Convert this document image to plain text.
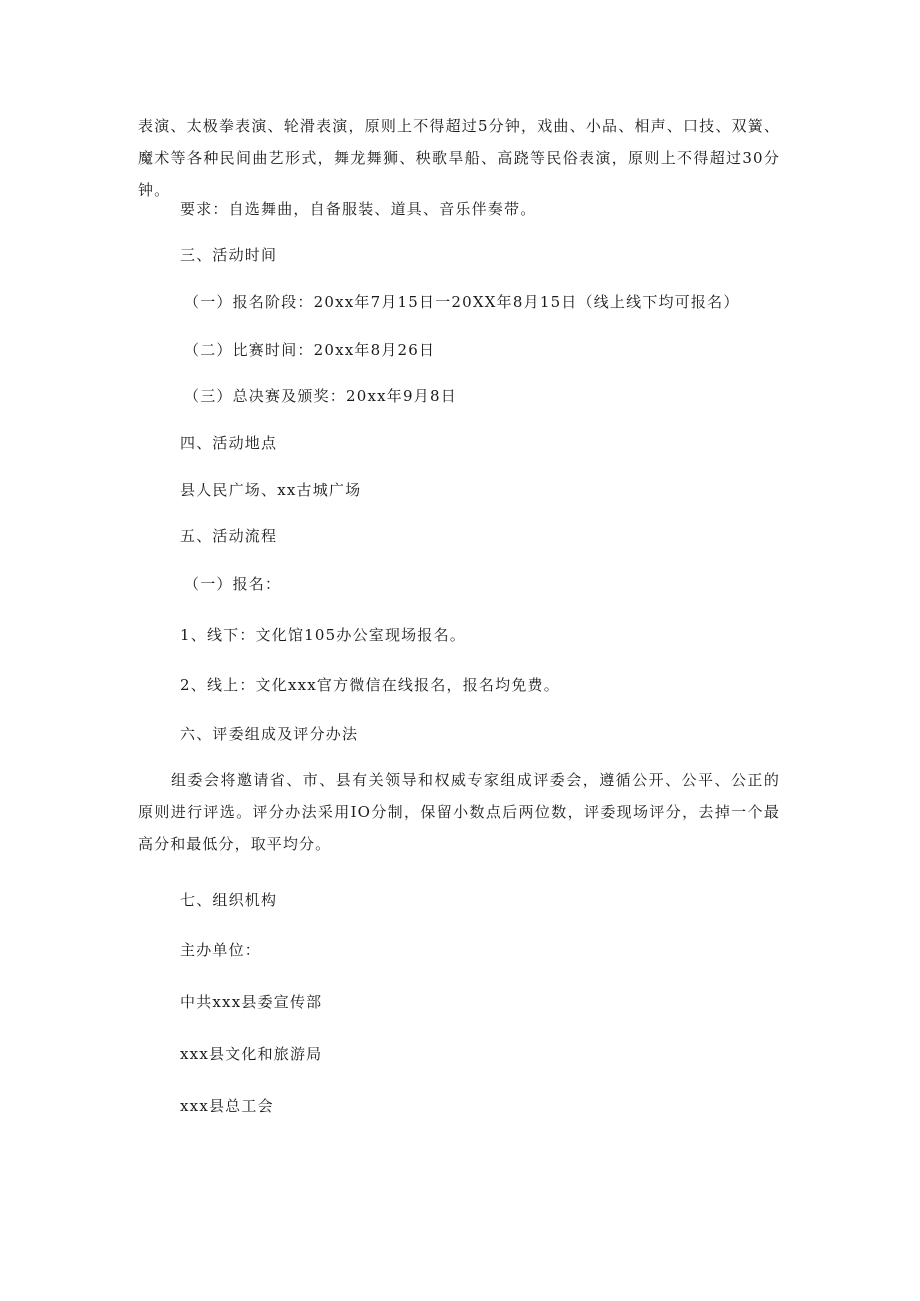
表演、太极拳表演、轮滑表演，原则上不得超过5分钟，戏曲、小品、相声、口技、双簧、魔术等各种民间曲艺形式，舞龙舞狮、秧歌旱船、高跷等民俗表演，原则上不得超过30分钟。
要求：自选舞曲，自备服装、道具、音乐伴奏带。
三、活动时间
（一）报名阶段：20xx年7月15日一20XX年8月15日（线上线下均可报名）
（二）比赛时间：20xx年8月26日
（三）总决赛及颁奖：20xx年9月8日
四、活动地点
县人民广场、xx古城广场
五、活动流程
（一）报名：
1、线下：文化馆105办公室现场报名。
2、线上：文化xxx官方微信在线报名，报名均免费。
六、评委组成及评分办法
组委会将邀请省、市、县有关领导和权威专家组成评委会，遵循公开、公平、公正的原则进行评选。评分办法采用IO分制，保留小数点后两位数，评委现场评分，去掉一个最高分和最低分，取平均分。
七、组织机构
主办单位：
中共xxx县委宣传部
xxx县文化和旅游局
xxx县总工会
